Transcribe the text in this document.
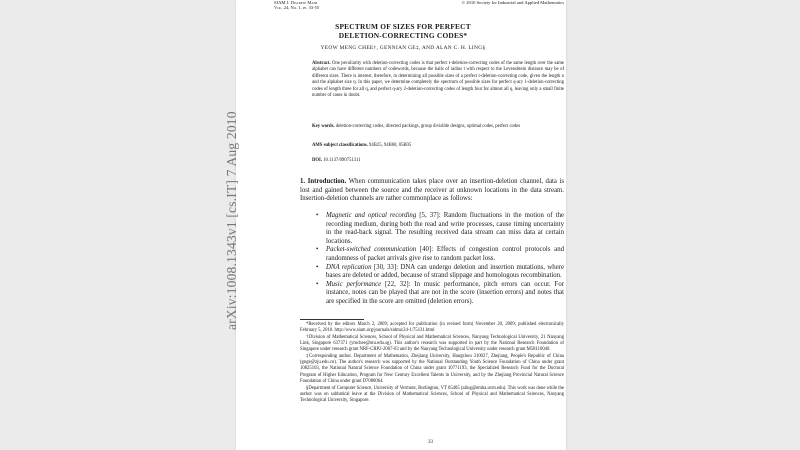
arXiv:1008.1343v1 [cs.IT] 7 Aug 2010
SIAM J. Discrete Math
Vol. 24, No. 1, pp. 33-55
© 2010 Society for Industrial and Applied Mathematics
SPECTRUM OF SIZES FOR PERFECT
DELETION-CORRECTING CODES*
YEOW MENG CHEE†, GENNIAN GE‡, AND ALAN C. H. LING§
Abstract. One peculiarity with deletion-correcting codes is that perfect t-deletion-correcting codes of the same length over the same alphabet can have different numbers of codewords, because the balls of radius t with respect to the Levenshtein distance may be of different sizes. There is interest, therefore, in determining all possible sizes of a perfect t-deletion-correcting code, given the length n and the alphabet size q. In this paper, we determine completely the spectrum of possible sizes for perfect q-ary 1-deletion-correcting codes of length three for all q, and perfect q-ary 2-deletion-correcting codes of length four for almost all q, leaving only a small finite number of cases in doubt.
Key words. deletion-correcting codes, directed packings, group divisible designs, optimal codes, perfect codes
AMS subject classifications. 94B25, 94B60, 05B05
DOI. 10.1137/090751311
1. Introduction. When communication takes place over an insertion-deletion channel, data is lost and gained between the source and the receiver at unknown locations in the data stream. Insertion-deletion channels are rather commonplace as follows:
• Magnetic and optical recording [5, 37]: Random fluctuations in the motion of the recording medium, during both the read and write processes, cause timing uncertainty in the read-back signal. The resulting received data stream can miss data at certain locations.
• Packet-switched communication [40]: Effects of congestion control protocols and randomness of packet arrivals give rise to random packet loss.
• DNA replication [30, 33]: DNA can undergo deletion and insertion mutations, where bases are deleted or added, because of strand slippage and homologous recombination.
• Music performance [22, 32]: In music performance, pitch errors can occur. For instance, notes can be played that are not in the score (insertion errors) and notes that are specified in the score are omitted (deletion errors).

*Received by the editors March 2, 2009; accepted for publication (in revised form) November 20, 2009; published electronically February 5, 2010. http://www.siam.org/journals/sidma/24-1/75131.html

†Division of Mathematical Sciences, School of Physical and Mathematical Sciences, Nanyang Technological University, 21 Nanyang Link, Singapore 637371 (ymchee@ntu.edu.sg). This author's research was supported in part by the National Research Foundation of Singapore under research grant NRF-CRP2-2007-03 and by the Nanyang Technological University under research grant M58110040.

‡Corresponding author. Department of Mathematics, Zhejiang University, Hangzhou 310027, Zhejiang, People's Republic of China (gnge@zju.edu.cn). The author's research was supported by the National Outstanding Youth Science Foundation of China under grant 10825103, the National Natural Science Foundation of China under grant 10771193, the Specialized Research Fund for the Doctoral Program of Higher Education, Program for New Century Excellent Talents in University, and by the Zhejiang Provincial Natural Science Foundation of China under grant D7080064.

§Department of Computer Science, University of Vermont, Burlington, VT 05405 (aling@emba.uvm.edu). This work was done while the author was on sabbatical leave at the Division of Mathematical Sciences, School of Physical and Mathematical Sciences, Nanyang Technological University, Singapore.

33
